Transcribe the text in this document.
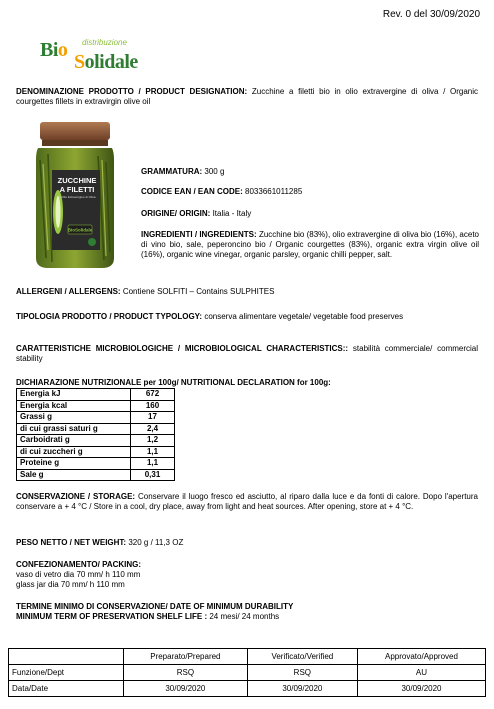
Rev. 0 del 30/09/2020
Bio distribuzione
Solidale
DENOMINAZIONE PRODOTTO / PRODUCT DESIGNATION: Zucchine a filetti bio in olio extravergine di oliva / Organic courgettes fillets in extravirgin olive oil
ZUCCHINE
A FILETTI
in Olio Extravergine di Oliva
BioSolidale
GRAMMATURA: 300 g
CODICE EAN / EAN CODE: 8033661011285
ORIGINE/ ORIGIN: Italia - Italy
INGREDIENTI / INGREDIENTS: Zucchine bio (83%), olio extravergine di oliva bio (16%), aceto di vino bio, sale, peperoncino bio / Organic courgettes (83%), organic extra virgin olive oil (16%), organic wine vinegar, organic parsley, organic chilli pepper, salt.
ALLERGENI / ALLERGENS: Contiene SOLFITI – Contains SULPHITES
TIPOLOGIA PRODOTTO / PRODUCT TYPOLOGY: conserva alimentare vegetale/ vegetable food preserves
CARATTERISTICHE MICROBIOLOGICHE / MICROBIOLOGICAL CHARACTERISTICS:: stabilità commerciale/ commercial stability
DICHIARAZIONE NUTRIZIONALE per 100g/ NUTRITIONAL DECLARATION for 100g:
Energia kJ	672
Energia kcal	160
Grassi g	17
di cui grassi saturi g	2,4
Carboidrati g	1,2
di cui zuccheri g	1,1
Proteine g	1,1
Sale g	0,31
CONSERVAZIONE / STORAGE: Conservare il luogo fresco ed asciutto, al riparo dalla luce e da fonti di calore. Dopo l'apertura conservare a + 4 °C / Store in a cool, dry place, away from light and heat sources. After opening, store at + 4 °C.
PESO NETTO / NET WEIGHT: 320 g / 11,3 OZ
CONFEZIONAMENTO/ PACKING:
vaso di vetro dia 70 mm/ h 110 mm
glass jar dia 70 mm/ h 110 mm
TERMINE MINIMO DI CONSERVAZIONE/ DATE OF MINIMUM DURABILITY
MINIMUM TERM OF PRESERVATION SHELF LIFE : 24 mesi/ 24 months
	Preparato/Prepared	Verificato/Verified	Approvato/Approved
Funzione/Dept	RSQ	RSQ	AU
Data/Date	30/09/2020	30/09/2020	30/09/2020
